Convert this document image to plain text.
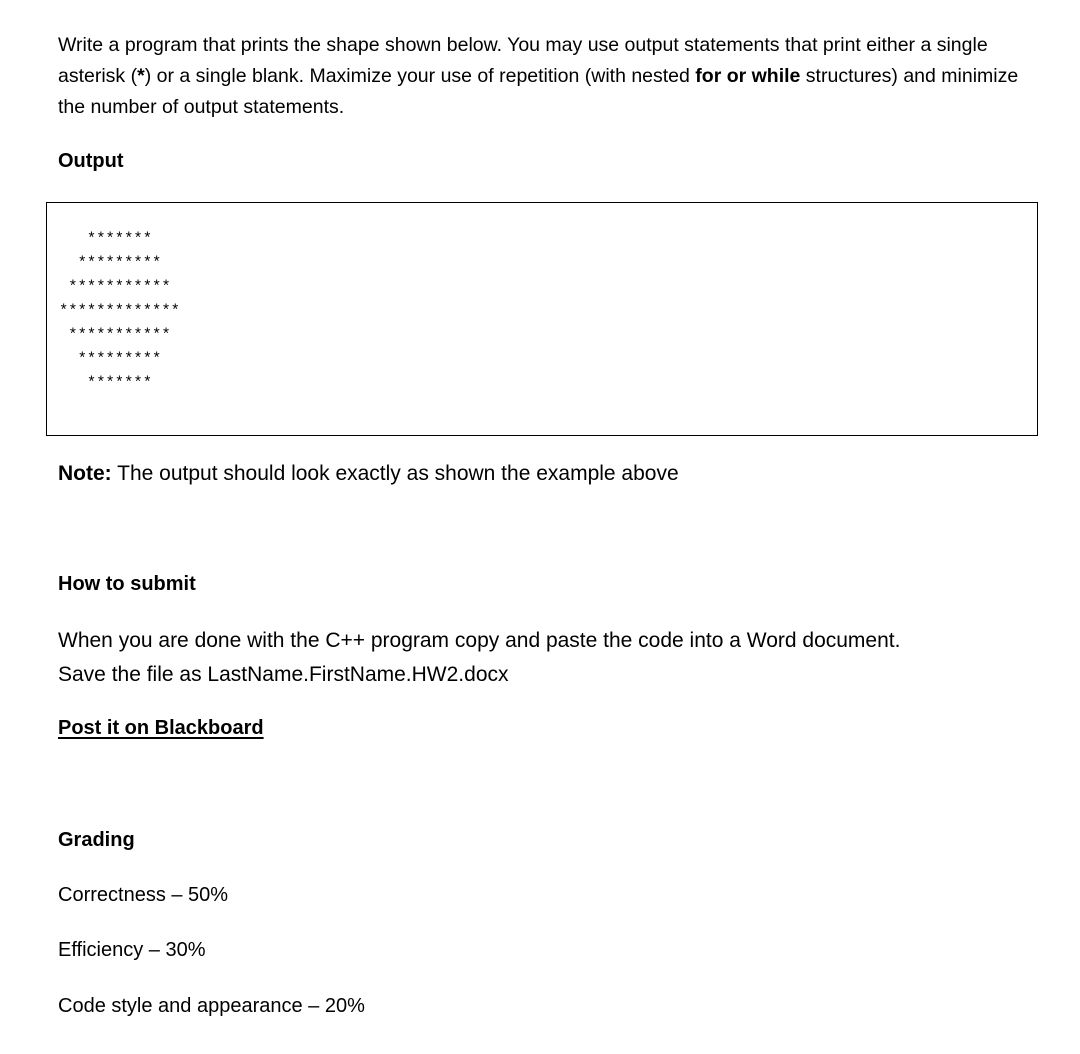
Write a program that prints the shape shown below. You may use output statements that print either a single asterisk (*) or a single blank. Maximize your use of repetition (with nested for or while structures) and minimize the number of output statements.
Output
*******
*********
***********
*************
***********
*********
*******
Note: The output should look exactly as shown the example above
How to submit
When you are done with the C++ program copy and paste the code into a Word document.
Save the file as LastName.FirstName.HW2.docx
Post it on Blackboard
Grading
Correctness – 50%
Efficiency – 30%
Code style and appearance – 20%
